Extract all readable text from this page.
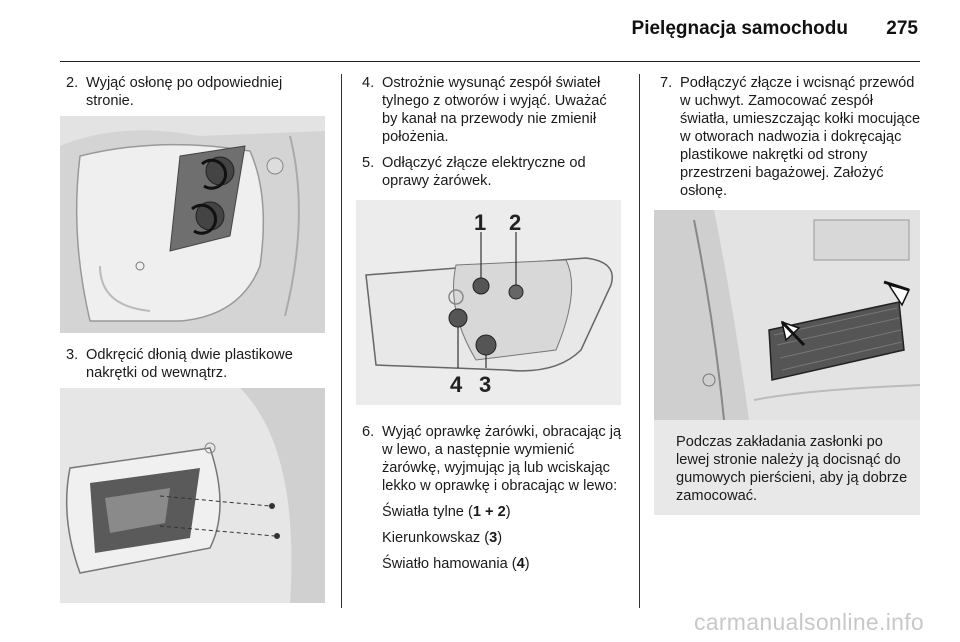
Pielęgnacja samochodu 275

2. Wyjąć osłonę po odpowiedniej stronie.

3. Odkręcić dłonią dwie plastikowe nakrętki od wewnątrz.

4. Ostrożnie wysunąć zespół świateł tylnego z otworów i wyjąć. Uważać by kanał na przewody nie zmienił położenia.

5. Odłączyć złącze elektryczne od oprawy żarówek.

1 2
4 3

6. Wyjąć oprawkę żarówki, obracając ją w lewo, a następnie wymienić żarówkę, wyjmując ją lub wciskając lekko w oprawkę i obracając w lewo:

Światła tylne (1 + 2)

Kierunkowskaz (3)

Światło hamowania (4)

7. Podłączyć złącze i wcisnąć przewód w uchwyt. Zamocować zespół światła, umieszczając kołki mocujące w otworach nadwozia i dokręcając plastikowe nakrętki od strony przestrzeni bagażowej. Założyć osłonę.

Podczas zakładania zasłonki po lewej stronie należy ją docisnąć do gumowych pierścieni, aby ją dobrze zamocować.

carmanualsonline.info
